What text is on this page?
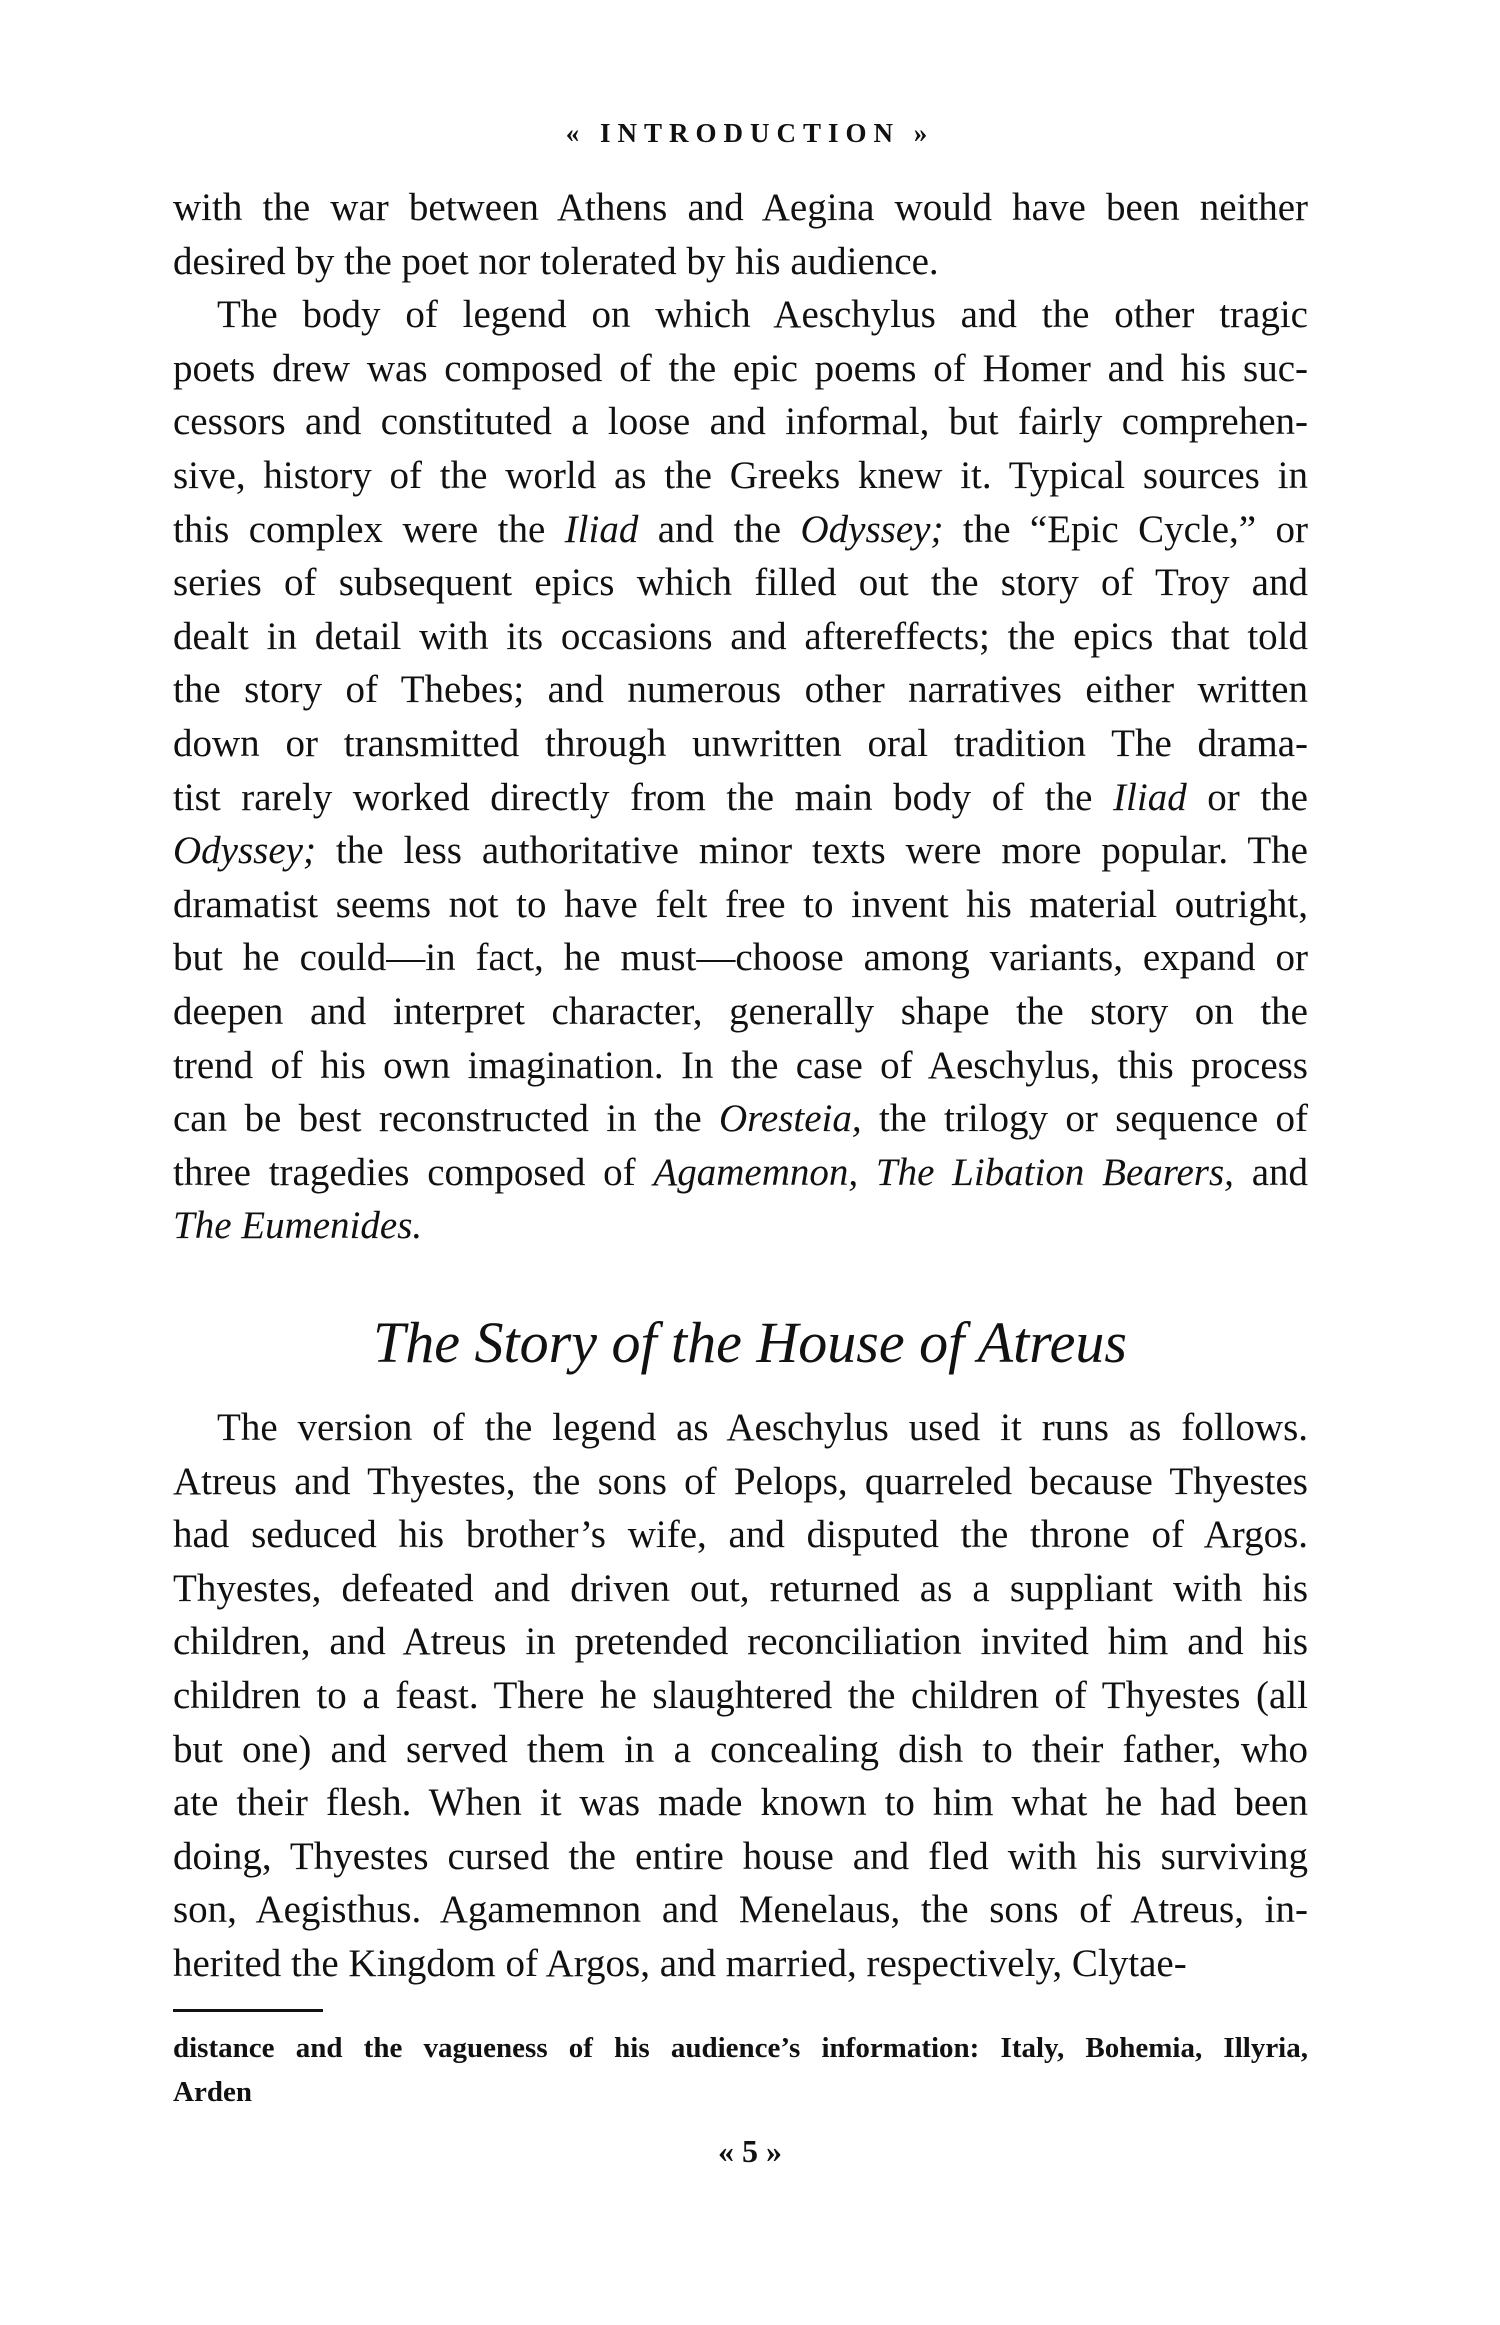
« INTRODUCTION »
with the war between Athens and Aegina would have been neither
desired by the poet nor tolerated by his audience.
The body of legend on which Aeschylus and the other tragic
poets drew was composed of the epic poems of Homer and his suc-
cessors and constituted a loose and informal, but fairly comprehen-
sive, history of the world as the Greeks knew it. Typical sources in
this complex were the Iliad and the Odyssey; the “Epic Cycle,” or
series of subsequent epics which filled out the story of Troy and
dealt in detail with its occasions and aftereffects; the epics that told
the story of Thebes; and numerous other narratives either written
down or transmitted through unwritten oral tradition The drama-
tist rarely worked directly from the main body of the Iliad or the
Odyssey; the less authoritative minor texts were more popular. The
dramatist seems not to have felt free to invent his material outright,
but he could—in fact, he must—choose among variants, expand or
deepen and interpret character, generally shape the story on the
trend of his own imagination. In the case of Aeschylus, this process
can be best reconstructed in the Oresteia, the trilogy or sequence of
three tragedies composed of Agamemnon, The Libation Bearers, and
The Eumenides.
The version of the legend as Aeschylus used it runs as follows.
Atreus and Thyestes, the sons of Pelops, quarreled because Thyestes
had seduced his brother’s wife, and disputed the throne of Argos.
Thyestes, defeated and driven out, returned as a suppliant with his
children, and Atreus in pretended reconciliation invited him and his
children to a feast. There he slaughtered the children of Thyestes (all
but one) and served them in a concealing dish to their father, who
ate their flesh. When it was made known to him what he had been
doing, Thyestes cursed the entire house and fled with his surviving
son, Aegisthus. Agamemnon and Menelaus, the sons of Atreus, in-
herited the Kingdom of Argos, and married, respectively, Clytae-
The Story of the House of Atreus
distance and the vagueness of his audience’s information: Italy, Bohemia, Illyria,
Arden
« 5 »
